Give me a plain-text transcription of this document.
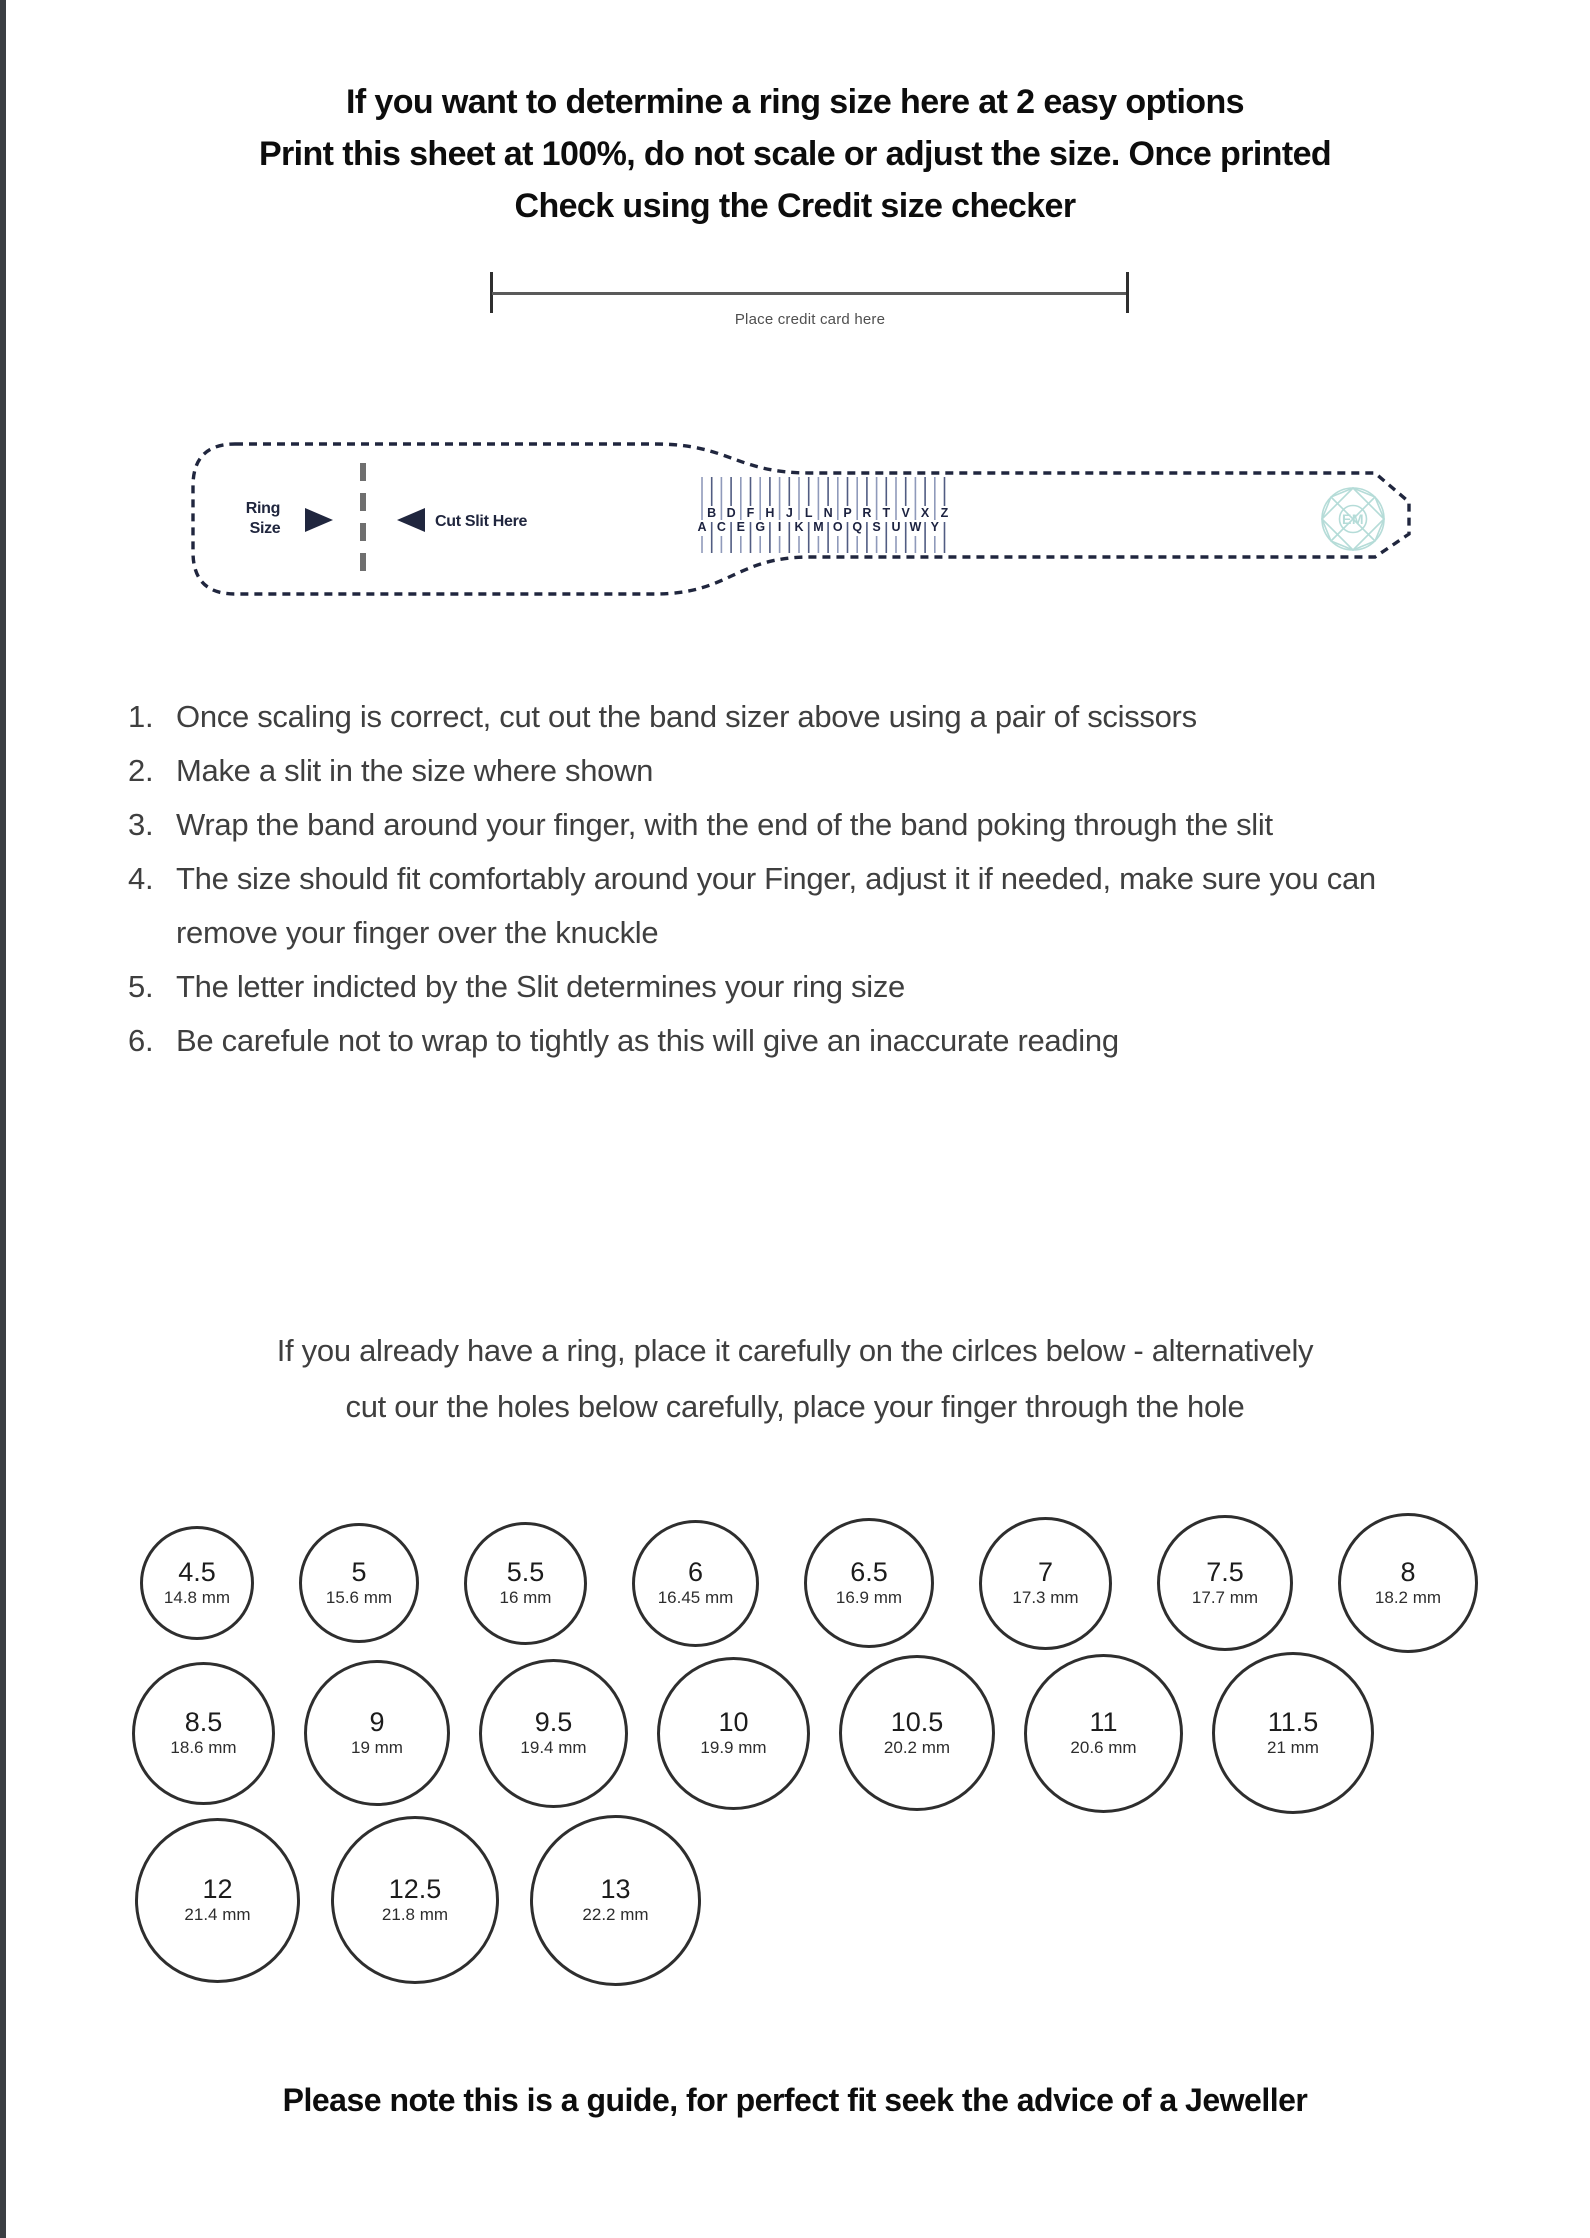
If you want to determine a ring size here at 2 easy options
Print this sheet at 100%, do not scale or adjust the size. Once printed
Check using the Credit size checker
Place credit card here
Ring Size	Cut Slit Here	A
B
C
D
E
F
G
H
I
J
K
L
M
N
O
P
Q
R
S
T
U
V
W
X
Y
Z	EM
1. Once scaling is correct, cut out the band sizer above using a pair of scissors
2. Make a slit in the size where shown
3. Wrap the band around your finger, with the end of the band poking through the slit
4. The size should fit comfortably around your Finger, adjust it if needed, make sure you can remove your finger over the knuckle
5. The letter indicted by the Slit determines your ring size
6. Be carefule not to wrap to tightly as this will give an inaccurate reading
If you already have a ring, place it carefully on the cirlces below - alternatively
cut our the holes below carefully, place your finger through the hole
4.5
14.8 mm
5
15.6 mm
5.5
16 mm
6
16.45 mm
6.5
16.9 mm
7
17.3 mm
7.5
17.7 mm
8
18.2 mm
8.5
18.6 mm
9
19 mm
9.5
19.4 mm
10
19.9 mm
10.5
20.2 mm
11
20.6 mm
11.5
21 mm
12
21.4 mm
12.5
21.8 mm
13
22.2 mm
Please note this is a guide, for perfect fit seek the advice of a Jeweller
